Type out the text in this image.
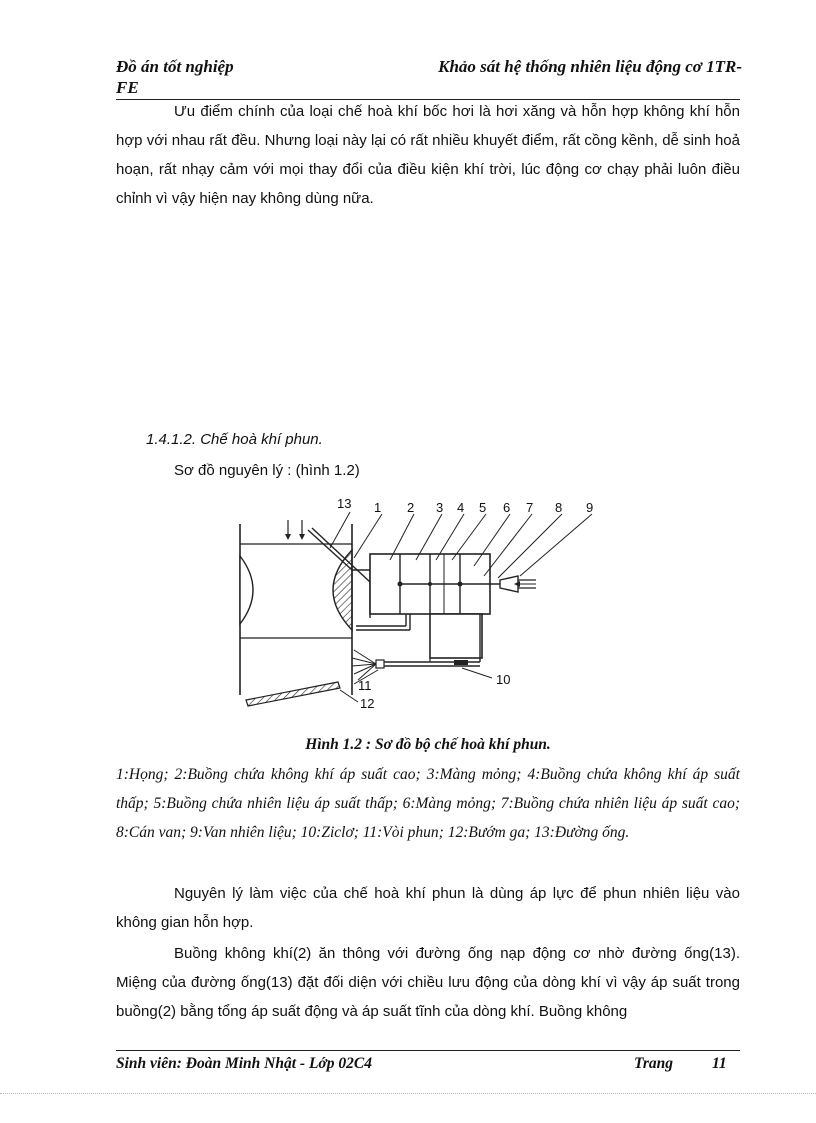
Đồ án tốt nghiệp	Khảo sát hệ thống nhiên liệu động cơ 1TR-
FE
Ưu điểm chính của loại chế hoà khí bốc hơi là hơi xăng và hỗn hợp không khí hỗn hợp với nhau rất đều. Nhưng loại này lại có rất nhiều khuyết điểm, rất cồng kềnh, dễ sinh hoả hoạn, rất nhạy cảm với mọi thay đổi của điều kiện khí trời, lúc động cơ chạy phải luôn điều chỉnh vì vậy hiện nay không dùng nữa.
1.4.1.2. Chế hoà khí phun.
Sơ đồ nguyên lý : (hình 1.2)
13 1 2 3 4 5 6 7 8 9
10
11
12
Hình 1.2 : Sơ đồ bộ chế hoà khí phun.
1:Họng; 2:Buồng chứa không khí áp suất cao; 3:Màng mỏng; 4:Buồng chứa không khí áp suất thấp; 5:Buồng chứa nhiên liệu áp suất thấp; 6:Màng mỏng; 7:Buồng chứa nhiên liệu áp suất cao; 8:Cán van; 9:Van nhiên liệu; 10:Ziclơ; 11:Vòi phun; 12:Bướm ga; 13:Đường ống.
Nguyên lý làm việc của chế hoà khí phun là dùng áp lực để phun nhiên liệu vào không gian hỗn hợp.
Buồng không khí(2) ăn thông với đường ống nạp động cơ nhờ đường ống(13). Miệng của đường ống(13) đặt đối diện với chiều lưu động của dòng khí vì vậy áp suất trong buồng(2) bằng tổng áp suất động và áp suất tĩnh của dòng khí. Buồng không
Sinh viên: Đoàn Minh Nhật - Lớp 02C4	Trang	11
